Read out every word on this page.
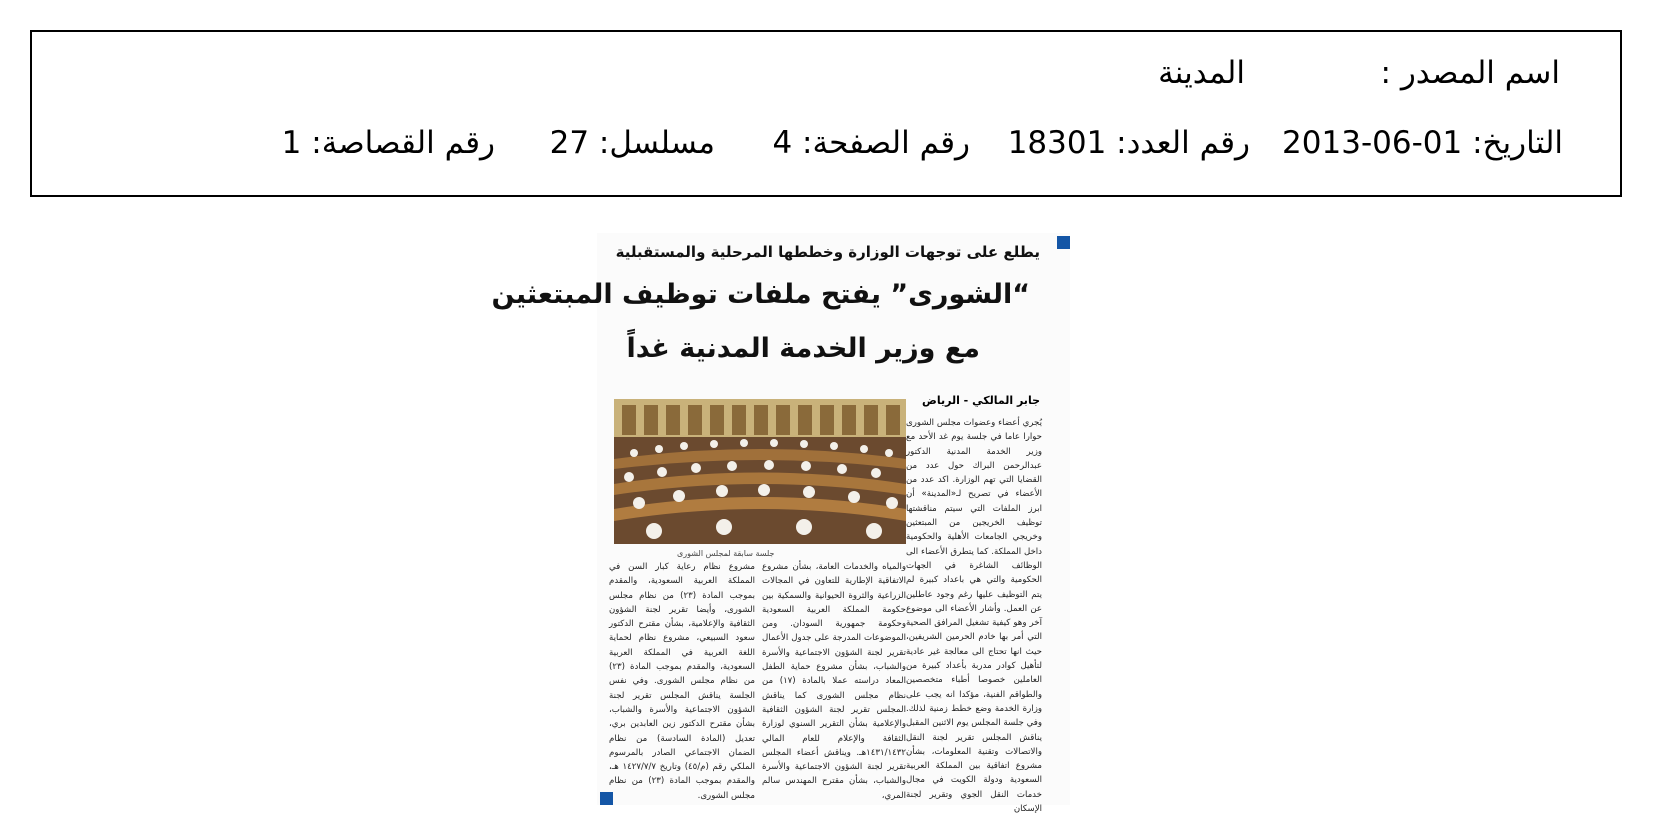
اسم المصدر :
المدينة
التاريخ: 01-06-2013
رقم العدد: 18301
رقم الصفحة: 4
مسلسل: 27
رقم القصاصة: 1
يطلع على توجهات الوزارة وخططها المرحلية والمستقبلية
“الشورى” يفتح ملفات توظيف المبتعثين
مع وزير الخدمة المدنية غداً
جابر المالكي - الرياض
جلسة سابقة لمجلس الشورى
يُجري أعضاء وعضوات مجلس الشورى حوارا عاما في جلسة يوم غد الأحد مع وزير الخدمة المدنية الدكتور عبدالرحمن البراك حول عدد من القضايا التي تهم الوزارة. اكد عدد من الأعضاء في تصريح لـ«المدينة» أن ابرز الملفات التي سيتم مناقشتها توظيف الخريجين من المبتعثين وخريجي الجامعات الأهلية والحكومية داخل المملكة. كما يتطرق الأعضاء الى الوظائف الشاغرة في الجهات الحكومية والتي هي باعداد كبيرة لم يتم التوظيف عليها رغم وجود عاطلين عن العمل. وأشار الأعضاء الى موضوع آخر وهو كيفية تشغيل المرافق الصحية التي أمر بها خادم الحرمين الشريفين، حيث انها تحتاج الى معالجة غير عادية لتأهيل كوادر مدربة بأعداد كبيرة من العاملين خصوصا أطباء متخصصين والطواقم الفنية، مؤكدا انه يجب على وزارة الخدمة وضع خطط زمنية لذلك. وفي جلسة المجلس يوم الاثنين المقبل يناقش المجلس تقرير لجنة النقل والاتصالات وتقنية المعلومات، بشأن مشروع اتفاقية بين المملكة العربية السعودية ودولة الكويت في مجال خدمات النقل الجوي وتقرير لجنة الإسكان
والمياه والخدمات العامة، بشأن مشروع الاتفاقية الإطارية للتعاون في المجالات الزراعية والثروة الحيوانية والسمكية بين حكومة المملكة العربية السعودية وحكومة جمهورية السودان. ومن الموضوعات المدرجة على جدول الأعمال تقرير لجنة الشؤون الاجتماعية والأسرة والشباب، بشأن مشروع حماية الطفل المعاد دراسته عملا بالمادة (١٧) من نظام مجلس الشورى كما يناقش المجلس تقرير لجنة الشؤون الثقافية والإعلامية بشأن التقرير السنوي لوزارة الثقافة والإعلام للعام المالي ١٤٣١/١٤٣٢هـ. ويناقش أعضاء المجلس تقرير لجنة الشؤون الاجتماعية والأسرة والشباب، بشأن مقترح المهندس سالم المري،
مشروع نظام رعاية كبار السن في المملكة العربية السعودية، والمقدم بموجب المادة (٢٣) من نظام مجلس الشورى، وأيضا تقرير لجنة الشؤون الثقافية والإعلامية، بشأن مقترح الدكتور سعود السبيعي، مشروع نظام لحماية اللغة العربية في المملكة العربية السعودية، والمقدم بموجب المادة (٢٣) من نظام مجلس الشورى. وفي نفس الجلسة يناقش المجلس تقرير لجنة الشؤون الاجتماعية والأسرة والشباب، بشأن مقترح الدكتور زين العابدين بري، تعديل (المادة السادسة) من نظام الضمان الاجتماعي الصادر بالمرسوم الملكي رقم (م/٤٥) وتاريخ ١٤٢٧/٧/٧ هـ، والمقدم بموجب المادة (٢٣) من نظام مجلس الشورى.
